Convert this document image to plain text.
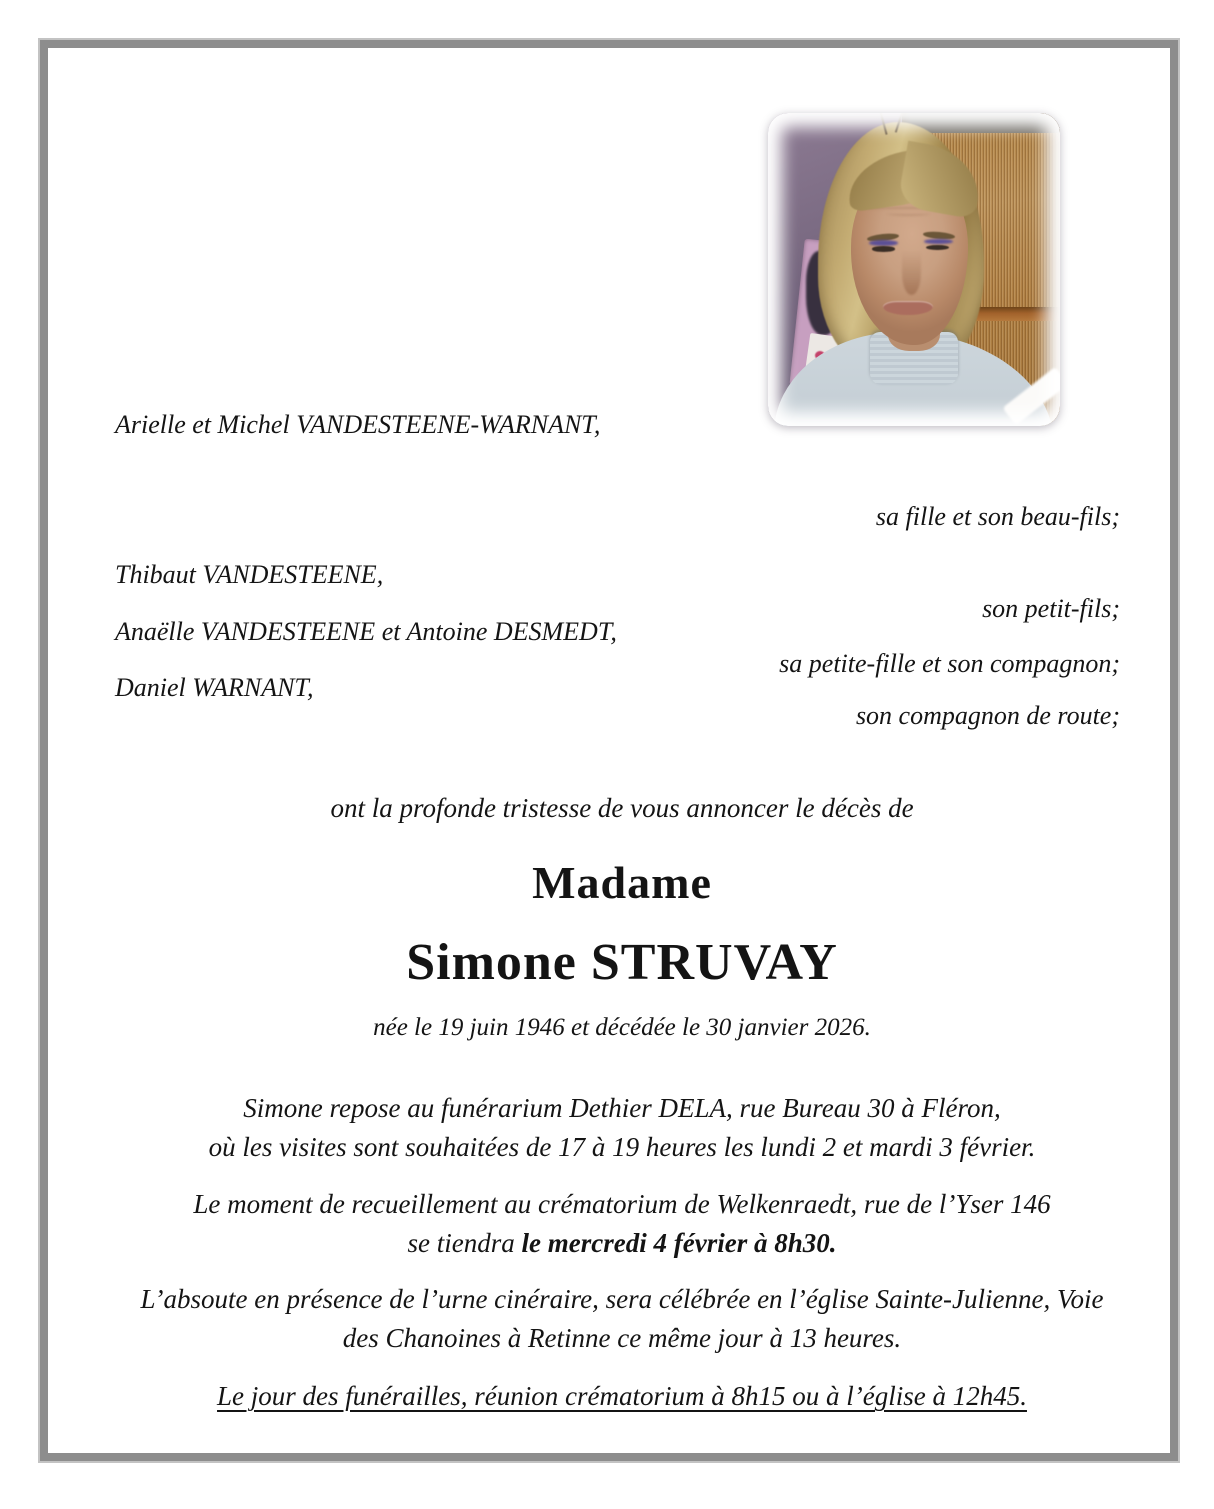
Arielle et Michel VANDESTEENE-WARNANT,
sa fille et son beau-fils;
Thibaut VANDESTEENE,
son petit-fils;
Anaëlle VANDESTEENE et Antoine DESMEDT,
sa petite-fille et son compagnon;
Daniel WARNANT,
son compagnon de route;
ont la profonde tristesse de vous annoncer le décès de
Madame
Simone STRUVAY
née le 19 juin 1946 et décédée le 30 janvier 2026.
Simone repose au funérarium Dethier DELA, rue Bureau 30 à Fléron,
où les visites sont souhaitées de 17 à 19 heures les lundi 2 et mardi 3 février.
Le moment de recueillement au crématorium de Welkenraedt, rue de l’Yser 146
se tiendra le mercredi 4 février à 8h30.
L’absoute en présence de l’urne cinéraire, sera célébrée en l’église Sainte-Julienne, Voie
des Chanoines à Retinne ce même jour à 13 heures.
Le jour des funérailles, réunion crématorium à 8h15 ou à l’église à 12h45.
